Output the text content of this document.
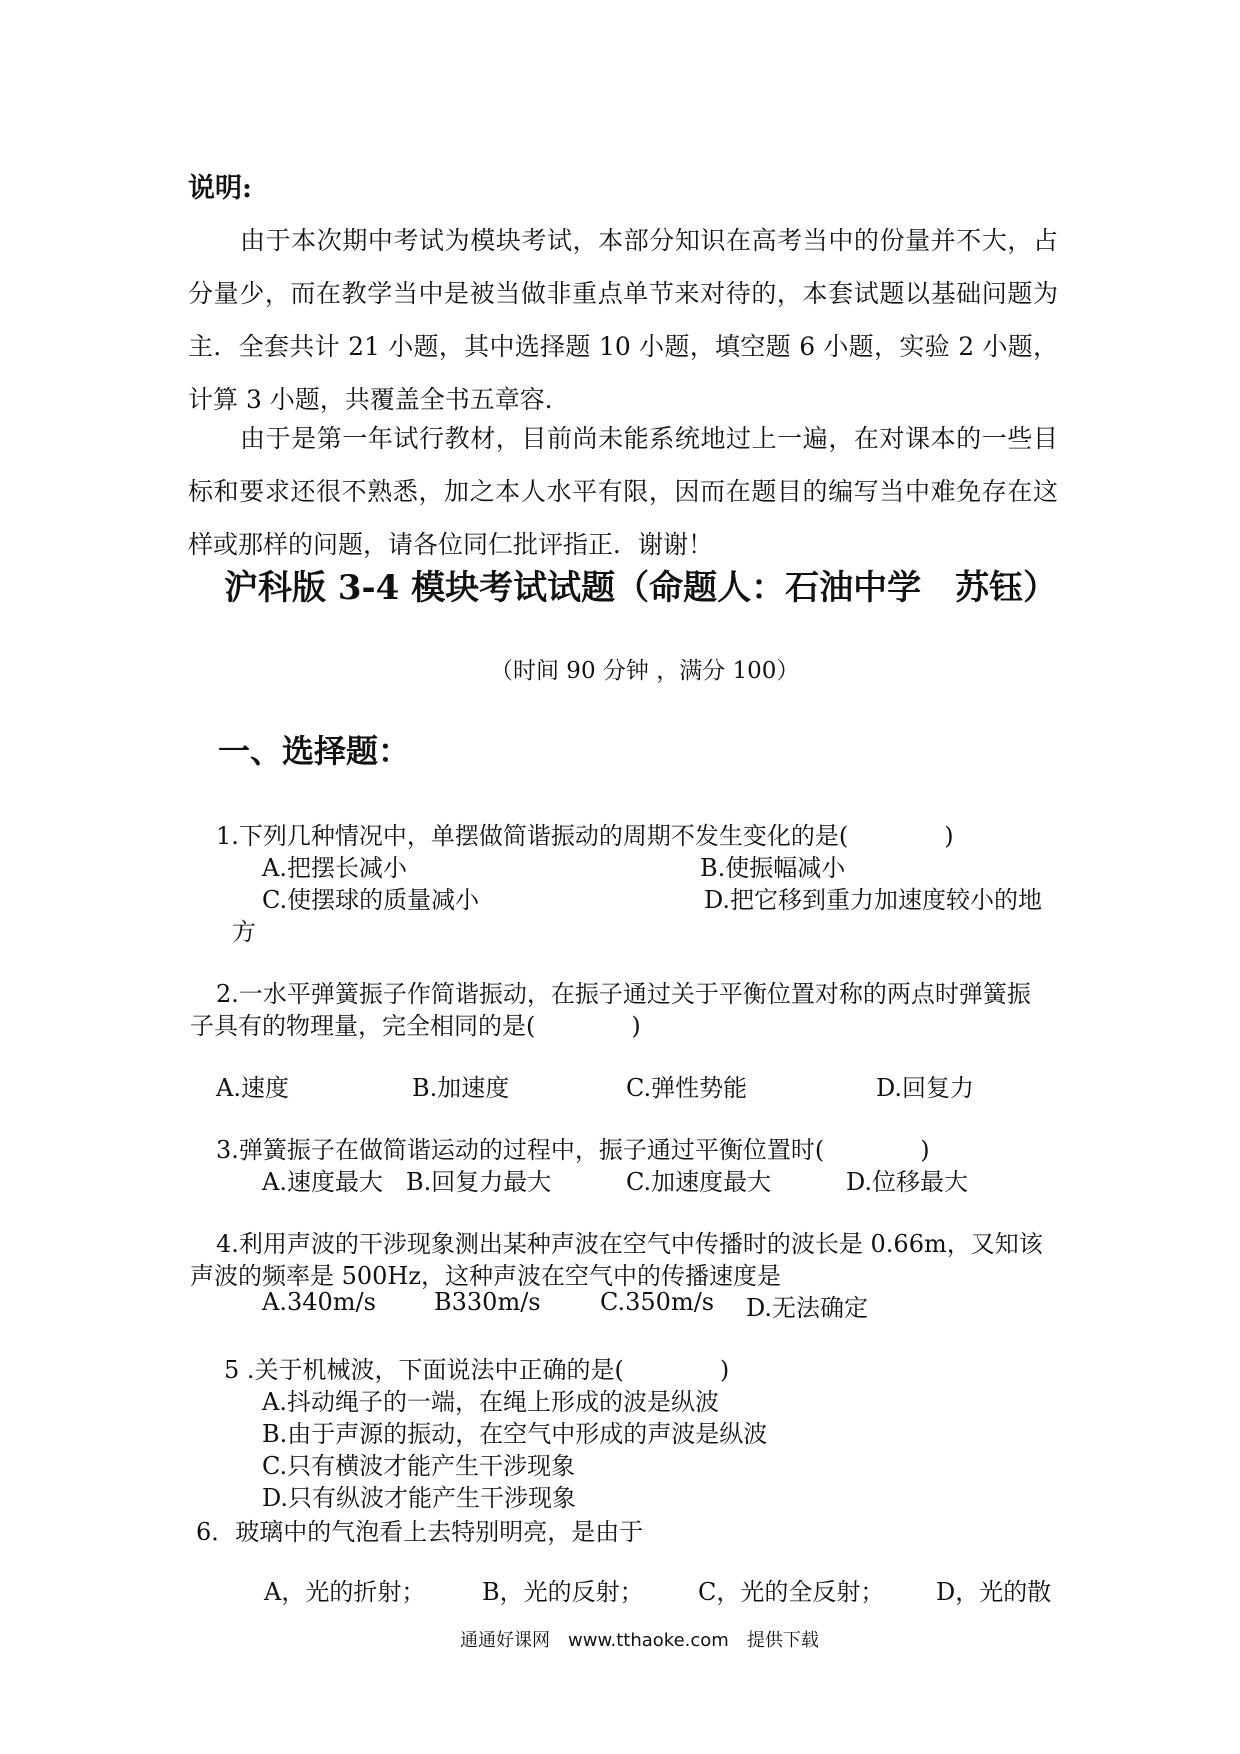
说明:
由于本次期中考试为模块考试，本部分知识在高考当中的份量并不大，占分量少，而在教学当中是被当做非重点单节来对待的，本套试题以基础问题为主．全套共计 21 小题，其中选择题 10 小题，填空题 6 小题，实验 2 小题，计算 3 小题，共覆盖全书五章容．
由于是第一年试行教材，目前尚未能系统地过上一遍，在对课本的一些目标和要求还很不熟悉，加之本人水平有限，因而在题目的编写当中难免存在这样或那样的问题，请各位同仁批评指正．谢谢！
沪科版 3-4 模块考试试题（命题人：石油中学　苏钰）
（时间 90 分钟 ，满分 100）
一、选择题：
1.下列几种情况中，单摆做简谐振动的周期不发生变化的是(　　　　)
A.把摆长减小	B.使振幅减小
C.使摆球的质量减小	D.把它移到重力加速度较小的地
方
2.一水平弹簧振子作简谐振动，在振子通过关于平衡位置对称的两点时弹簧振
子具有的物理量，完全相同的是(　　　　)
A.速度	B.加速度	C.弹性势能	D.回复力
3.弹簧振子在做简谐运动的过程中，振子通过平衡位置时(　　　　)
A.速度最大 B.回复力最大	C.加速度最大	D.位移最大
4.利用声波的干涉现象测出某种声波在空气中传播时的波长是 0.66m，又知该
声波的频率是 500Hz，这种声波在空气中的传播速度是
A.340m/s B330m/s C.350m/s D.无法确定
5 .关于机械波，下面说法中正确的是(　　　　)
A.抖动绳子的一端，在绳上形成的波是纵波
B.由于声源的振动，在空气中形成的声波是纵波
C.只有横波才能产生干涉现象
D.只有纵波才能产生干涉现象
6．玻璃中的气泡看上去特别明亮，是由于
A，光的折射； B，光的反射； C，光的全反射； D，光的散
通通好课网　www.tthaoke.com　提供下载
